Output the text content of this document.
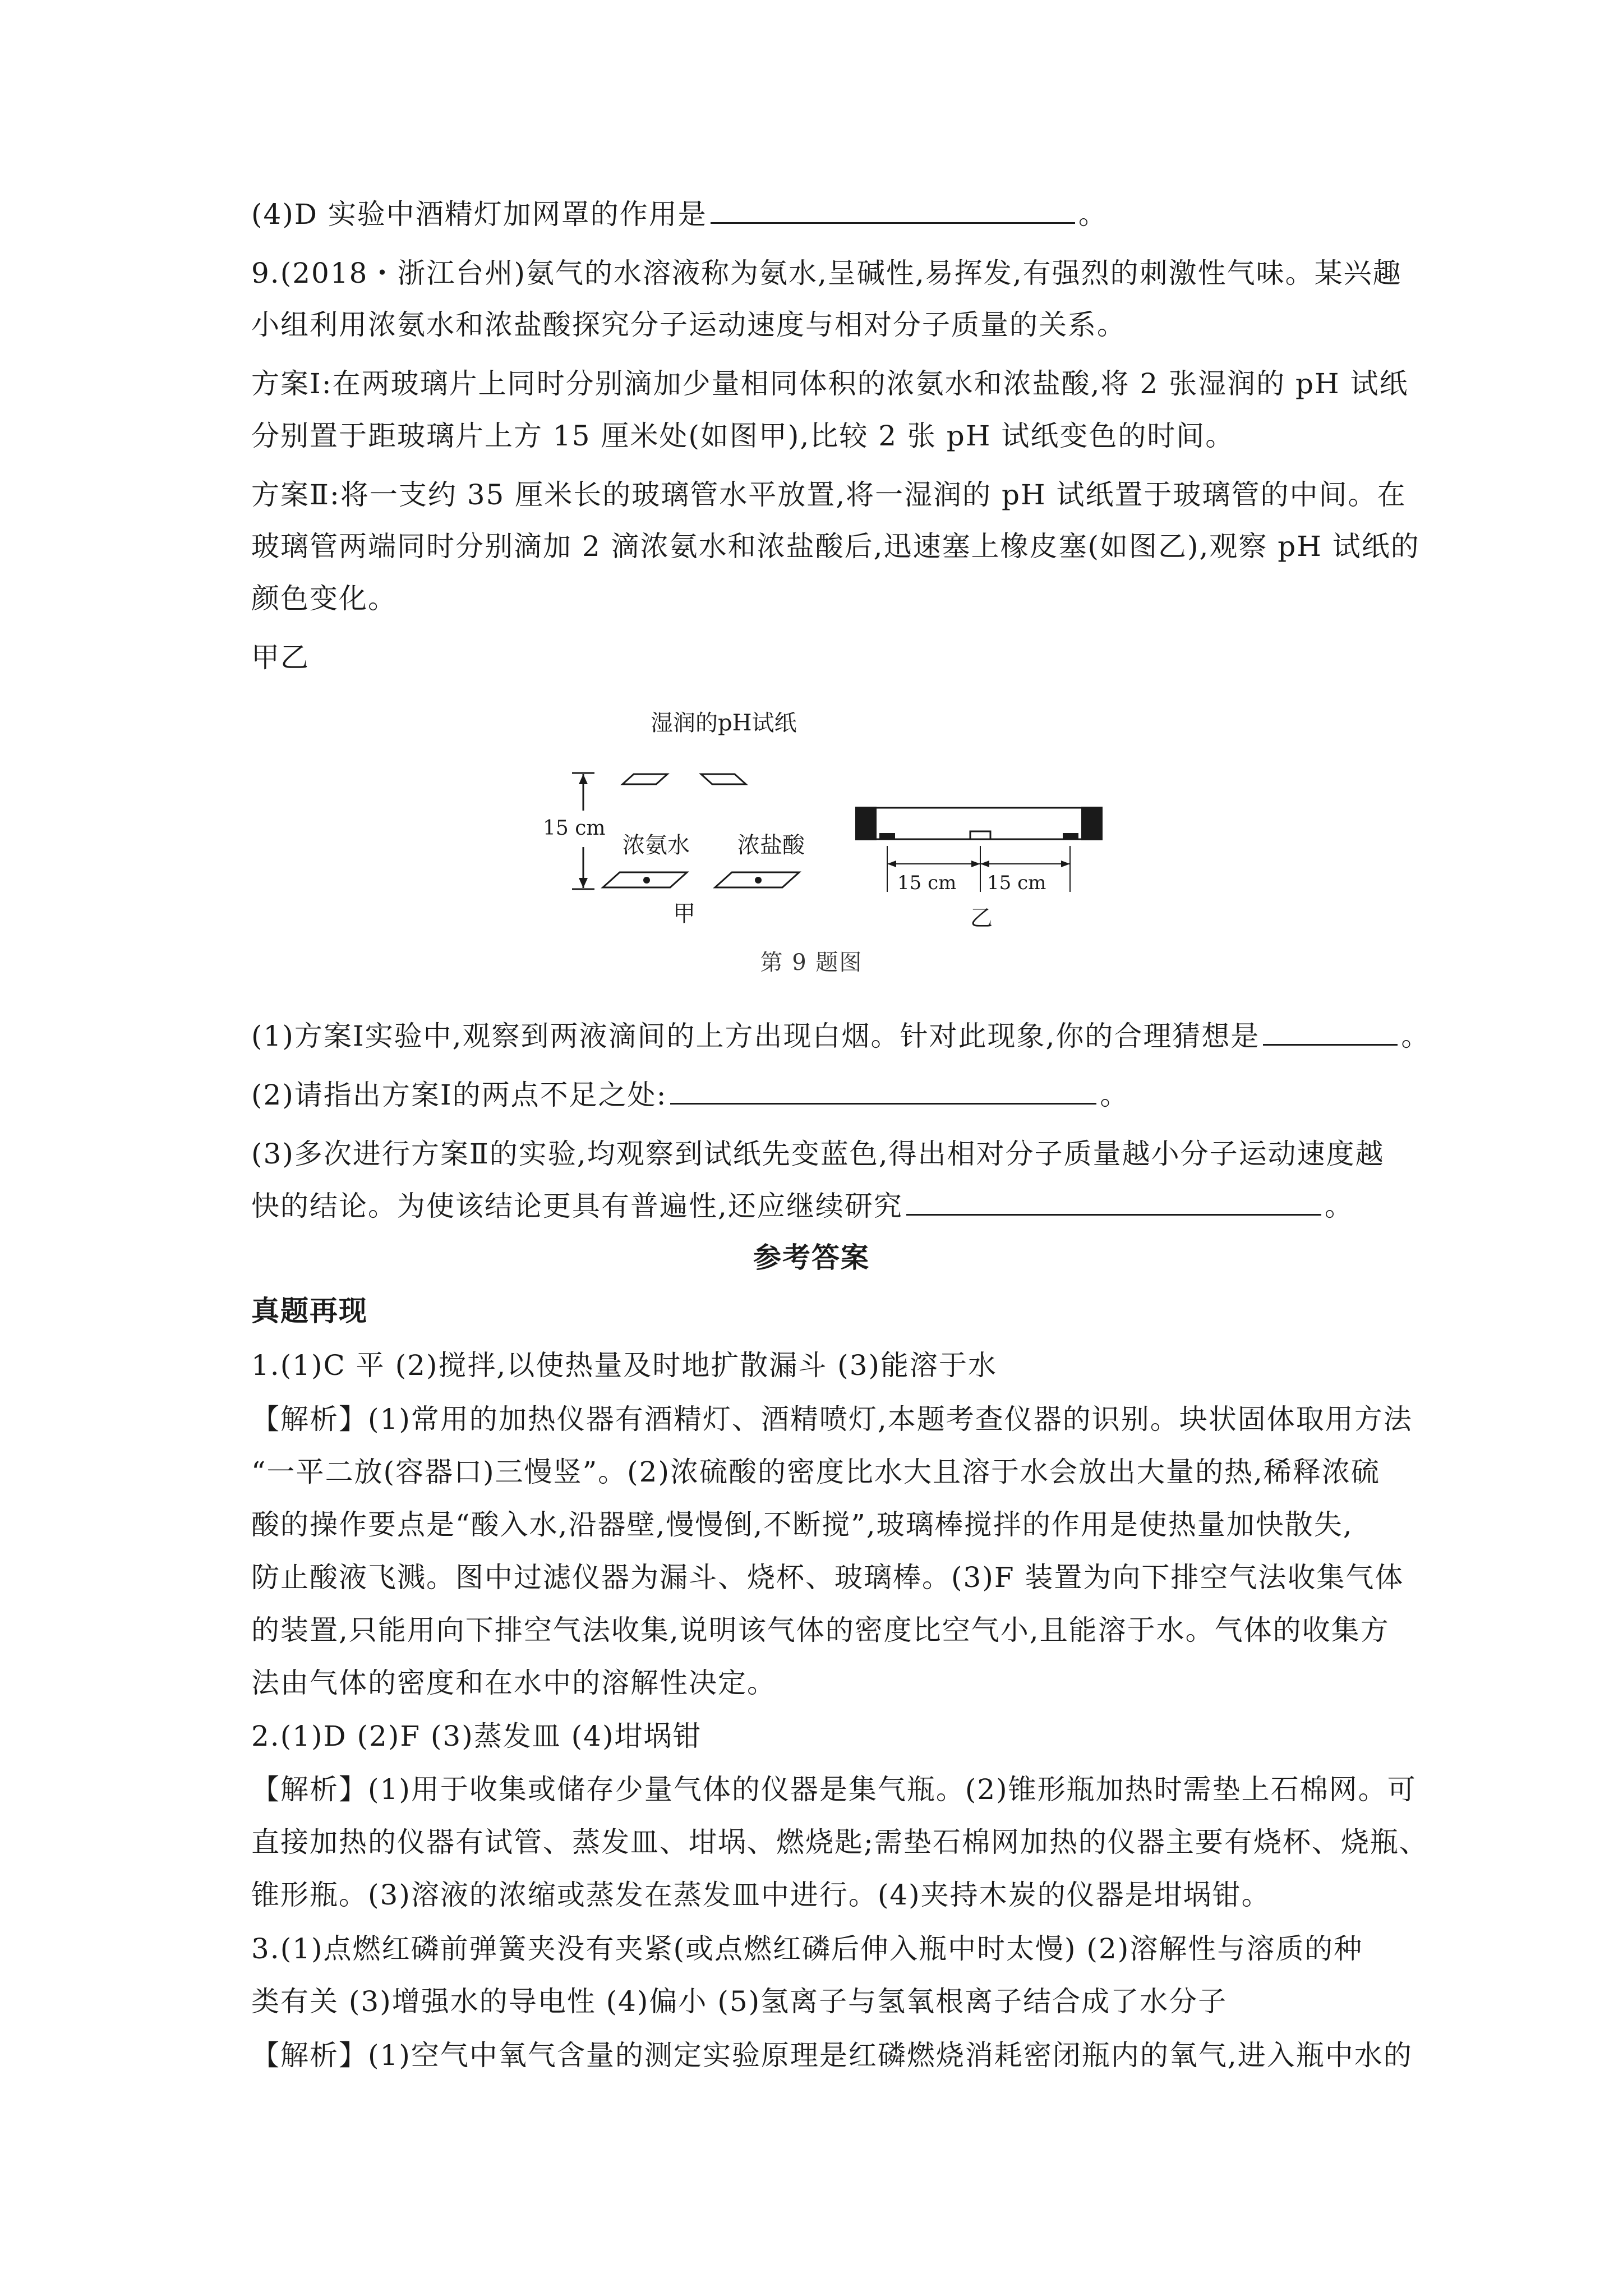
(4)D 实验中酒精灯加网罩的作用是	。
9.(2018・浙江台州)氨气的水溶液称为氨水,呈碱性,易挥发,有强烈的刺激性气味。某兴趣
小组利用浓氨水和浓盐酸探究分子运动速度与相对分子质量的关系。
方案Ⅰ:在两玻璃片上同时分别滴加少量相同体积的浓氨水和浓盐酸,将 2 张湿润的 pH 试纸
分别置于距玻璃片上方 15 厘米处(如图甲),比较 2 张 pH 试纸变色的时间。
方案Ⅱ:将一支约 35 厘米长的玻璃管水平放置,将一湿润的 pH 试纸置于玻璃管的中间。在
玻璃管两端同时分别滴加 2 滴浓氨水和浓盐酸后,迅速塞上橡皮塞(如图乙),观察 pH 试纸的
颜色变化。
甲乙
湿润的pH试纸
15 cm
浓氨水 浓盐酸
甲
15 cm 15 cm
乙
第 9 题图
(1)方案Ⅰ实验中,观察到两液滴间的上方出现白烟。针对此现象,你的合理猜想是	。
(2)请指出方案Ⅰ的两点不足之处:	。
(3)多次进行方案Ⅱ的实验,均观察到试纸先变蓝色,得出相对分子质量越小分子运动速度越
快的结论。为使该结论更具有普遍性,还应继续研究	。
参考答案
真题再现
1.(1)C 平 (2)搅拌,以使热量及时地扩散漏斗 (3)能溶于水
【解析】(1)常用的加热仪器有酒精灯、酒精喷灯,本题考查仪器的识别。块状固体取用方法
“一平二放(容器口)三慢竖”。(2)浓硫酸的密度比水大且溶于水会放出大量的热,稀释浓硫
酸的操作要点是“酸入水,沿器壁,慢慢倒,不断搅”,玻璃棒搅拌的作用是使热量加快散失,
防止酸液飞溅。图中过滤仪器为漏斗、烧杯、玻璃棒。(3)F 装置为向下排空气法收集气体
的装置,只能用向下排空气法收集,说明该气体的密度比空气小,且能溶于水。气体的收集方
法由气体的密度和在水中的溶解性决定。
2.(1)D (2)F (3)蒸发皿 (4)坩埚钳
【解析】(1)用于收集或储存少量气体的仪器是集气瓶。(2)锥形瓶加热时需垫上石棉网。可
直接加热的仪器有试管、蒸发皿、坩埚、燃烧匙;需垫石棉网加热的仪器主要有烧杯、烧瓶、
锥形瓶。(3)溶液的浓缩或蒸发在蒸发皿中进行。(4)夹持木炭的仪器是坩埚钳。
3.(1)点燃红磷前弹簧夹没有夹紧(或点燃红磷后伸入瓶中时太慢) (2)溶解性与溶质的种
类有关 (3)增强水的导电性 (4)偏小 (5)氢离子与氢氧根离子结合成了水分子
【解析】(1)空气中氧气含量的测定实验原理是红磷燃烧消耗密闭瓶内的氧气,进入瓶中水的
